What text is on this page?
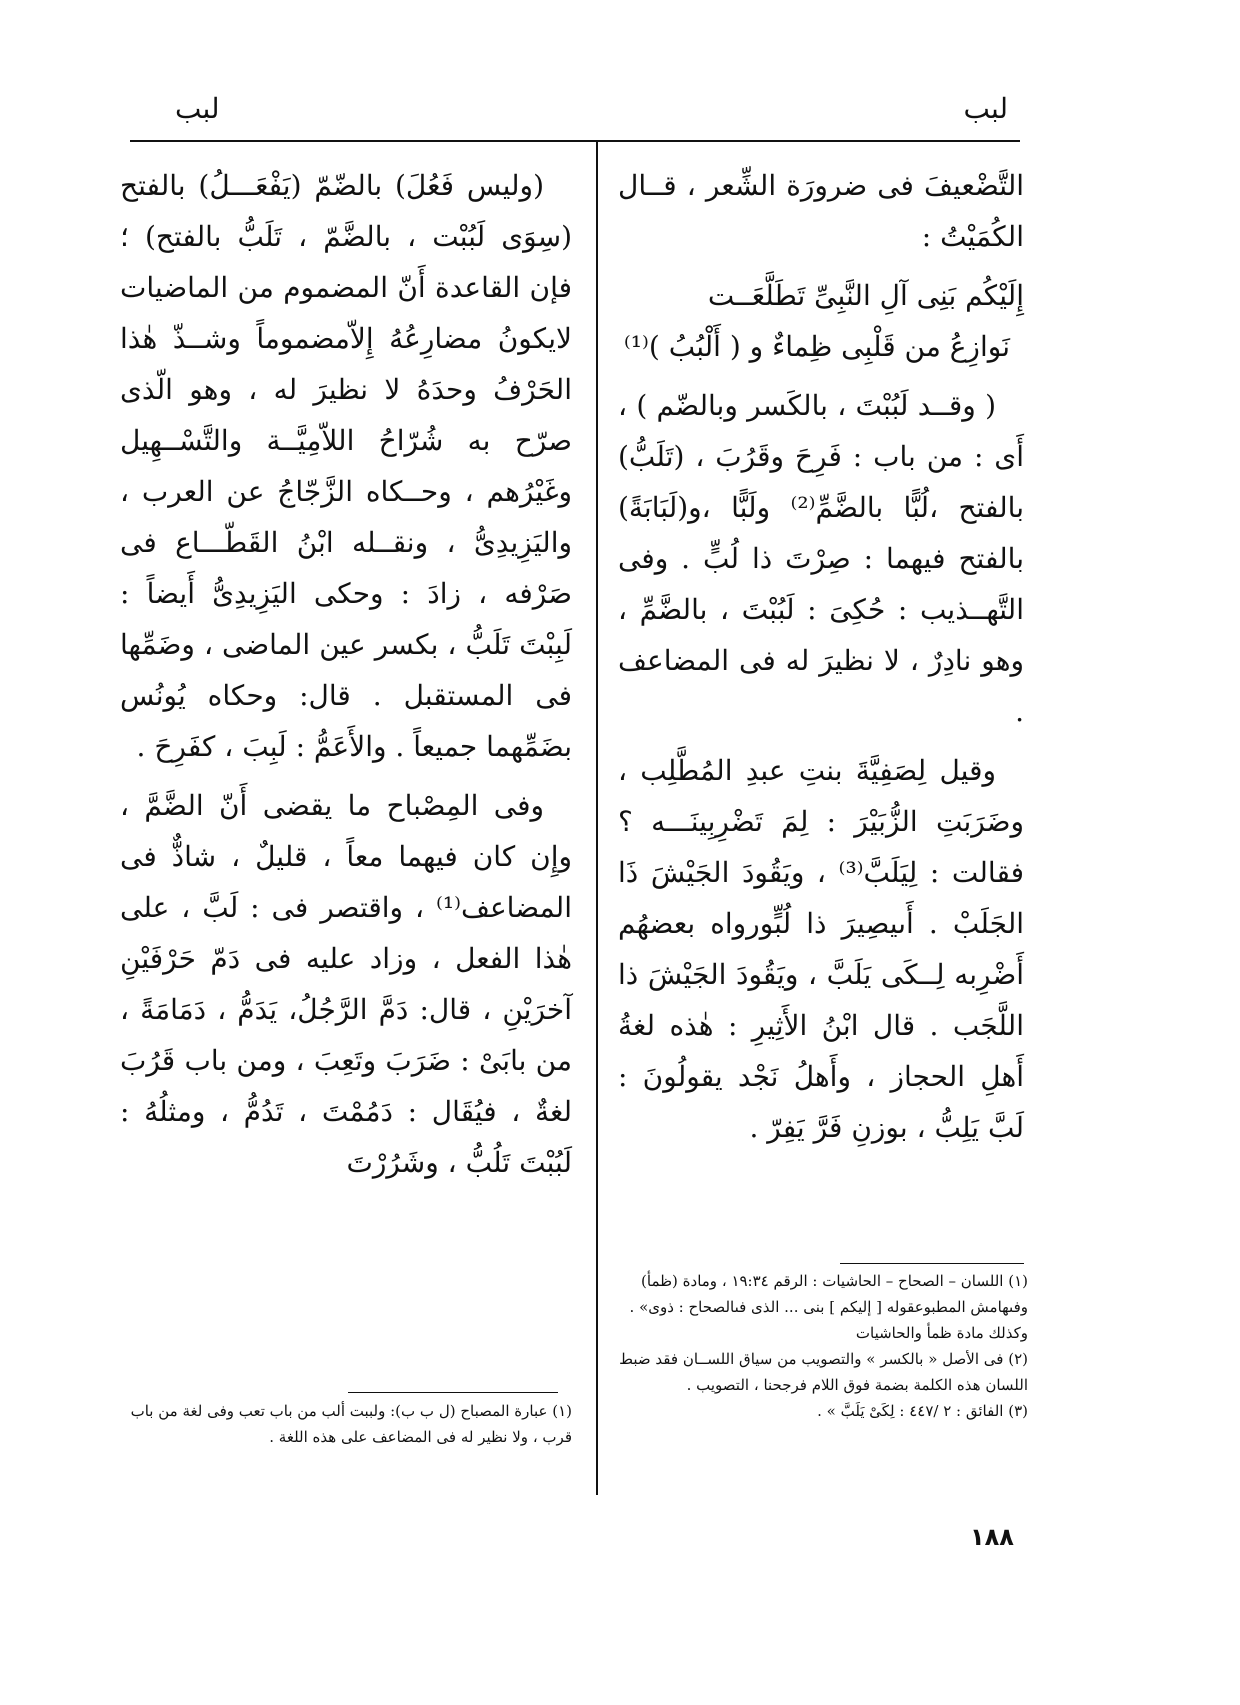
لبب
لبب

التَّضْعيفَ فى ضرورَة الشِّعر ، قــال الكُمَيْتُ :

إِلَيْكُم بَنِى آلِ النَّبِىِّ تَطَلَّعَــت

نَوازِعُ من قَلْبِى ظِماءٌ و ( أَلْبُبُ )⁽¹⁾

( وقــد لَبُبْتَ ، بالكَسر وبالضّم ) ، أَى : من باب : فَرِحَ وقَرُبَ ، (تَلَبُّ) بالفتح ،لُبًّا بالضَّمِّ⁽²⁾ ولَبًّا ،و(لَبَابَةً) بالفتح فيهما : صِرْتَ ذا لُبٍّ . وفى التَّهــذيب : حُكِىَ : لَبُبْتَ ، بالضَّمِّ ، وهو نادِرٌ ، لا نظيرَ له فى المضاعف .

وقيل لِصَفِيَّةَ بنتِ عبدِ المُطَّلِب ، وضَرَبَتِ الزُّبَيْرَ : لِمَ تَضْرِبِينَـــه ؟ فقالت : لِيَلَبَّ⁽³⁾ ، ويَقُودَ الجَيْشَ ذَا الجَلَبْ . أَىيصِيرَ ذا لُبٍّورواه بعضهُم أَضْرِبه لِــكَى يَلَبَّ ، ويَقُودَ الجَيْشَ ذا اللَّجَب . قال ابْنُ الأَثِيرِ : هٰذه لغةُ أَهلِ الحجاز ، وأَهلُ نَجْد يقولُونَ : لَبَّ يَلِبُّ ، بوزنِ فَرَّ يَفِرّ .

(١) اللسان – الصحاح – الحاشيات : الرقم ١٩:٣٤ ، ومادة (ظمأ) وفىهامش المطبوعقوله [ إليكم ] بنى ... الذى فىالصحاح : ذوى» . وكذلك مادة ظمأ والحاشيات

(٢) فى الأصل « بالكسر » والتصويب من سياق اللســان فقد ضبط اللسان هذه الكلمة بضمة فوق اللام فرجحنا ، التصويب .

(٣) الفائق : ٢ /٤٤٧ : لِكَىْ يَلَبَّ » .

(وليس فَعُلَ) بالضّمّ (يَفْعَـــلُ) بالفتح (سِوَى لَبُبْت ، بالضَّمّ ، تَلَبُّ بالفتح) ؛ فإن القاعدة أَنّ المضموم من الماضيات لايكونُ مضارِعُهُ إِلاّمضموماً وشــذّ هٰذا الحَرْفُ وحدَهُ لا نظيرَ له ، وهو الّذى صرّح به شُرّاحُ اللاّمِيَّــة والتَّسْــهِيل وغَيْرُهم ، وحــكاه الزَّجّاجُ عن العرب ، واليَزِيدِىُّ ، ونقــله ابْنُ القَطّـــاع فى صَرْفه ، زادَ : وحكى اليَزِيدِىُّ أَيضاً : لَبِبْتَ تَلَبُّ ، بكسر عين الماضى ، وضَمِّها فى المستقبل . قال: وحكاه يُونُس بضَمِّهما جميعاً . والأَعَمُّ : لَبِبَ ، كفَرِحَ .

وفى المِصْباح ما يقضى أَنّ الضَّمَّ ، وإِن كان فيهما معاً ، قليلٌ ، شاذٌّ فى المضاعف⁽¹⁾ ، واقتصر فى : لَبَّ ، على هٰذا الفعل ، وزاد عليه فى دَمّ حَرْفَيْنِ آخرَيْنِ ، قال: دَمَّ الرَّجُلُ، يَدَمُّ ، دَمَامَةً ، من بابَىْ : ضَرَبَ وتَعِبَ ، ومن باب قَرُبَ لغةٌ ، فيُقَال : دَمُمْتَ ، تَدُمُّ ، ومثلُهُ : لَبُبْتَ تَلُبُّ ، وشَرُرْتَ

(١) عبارة المصباح (ل ب ب): ولببت ألب من باب تعب وفى لغة من باب قرب ، ولا نظير له فى المضاعف على هذه اللغة .

١٨٨
